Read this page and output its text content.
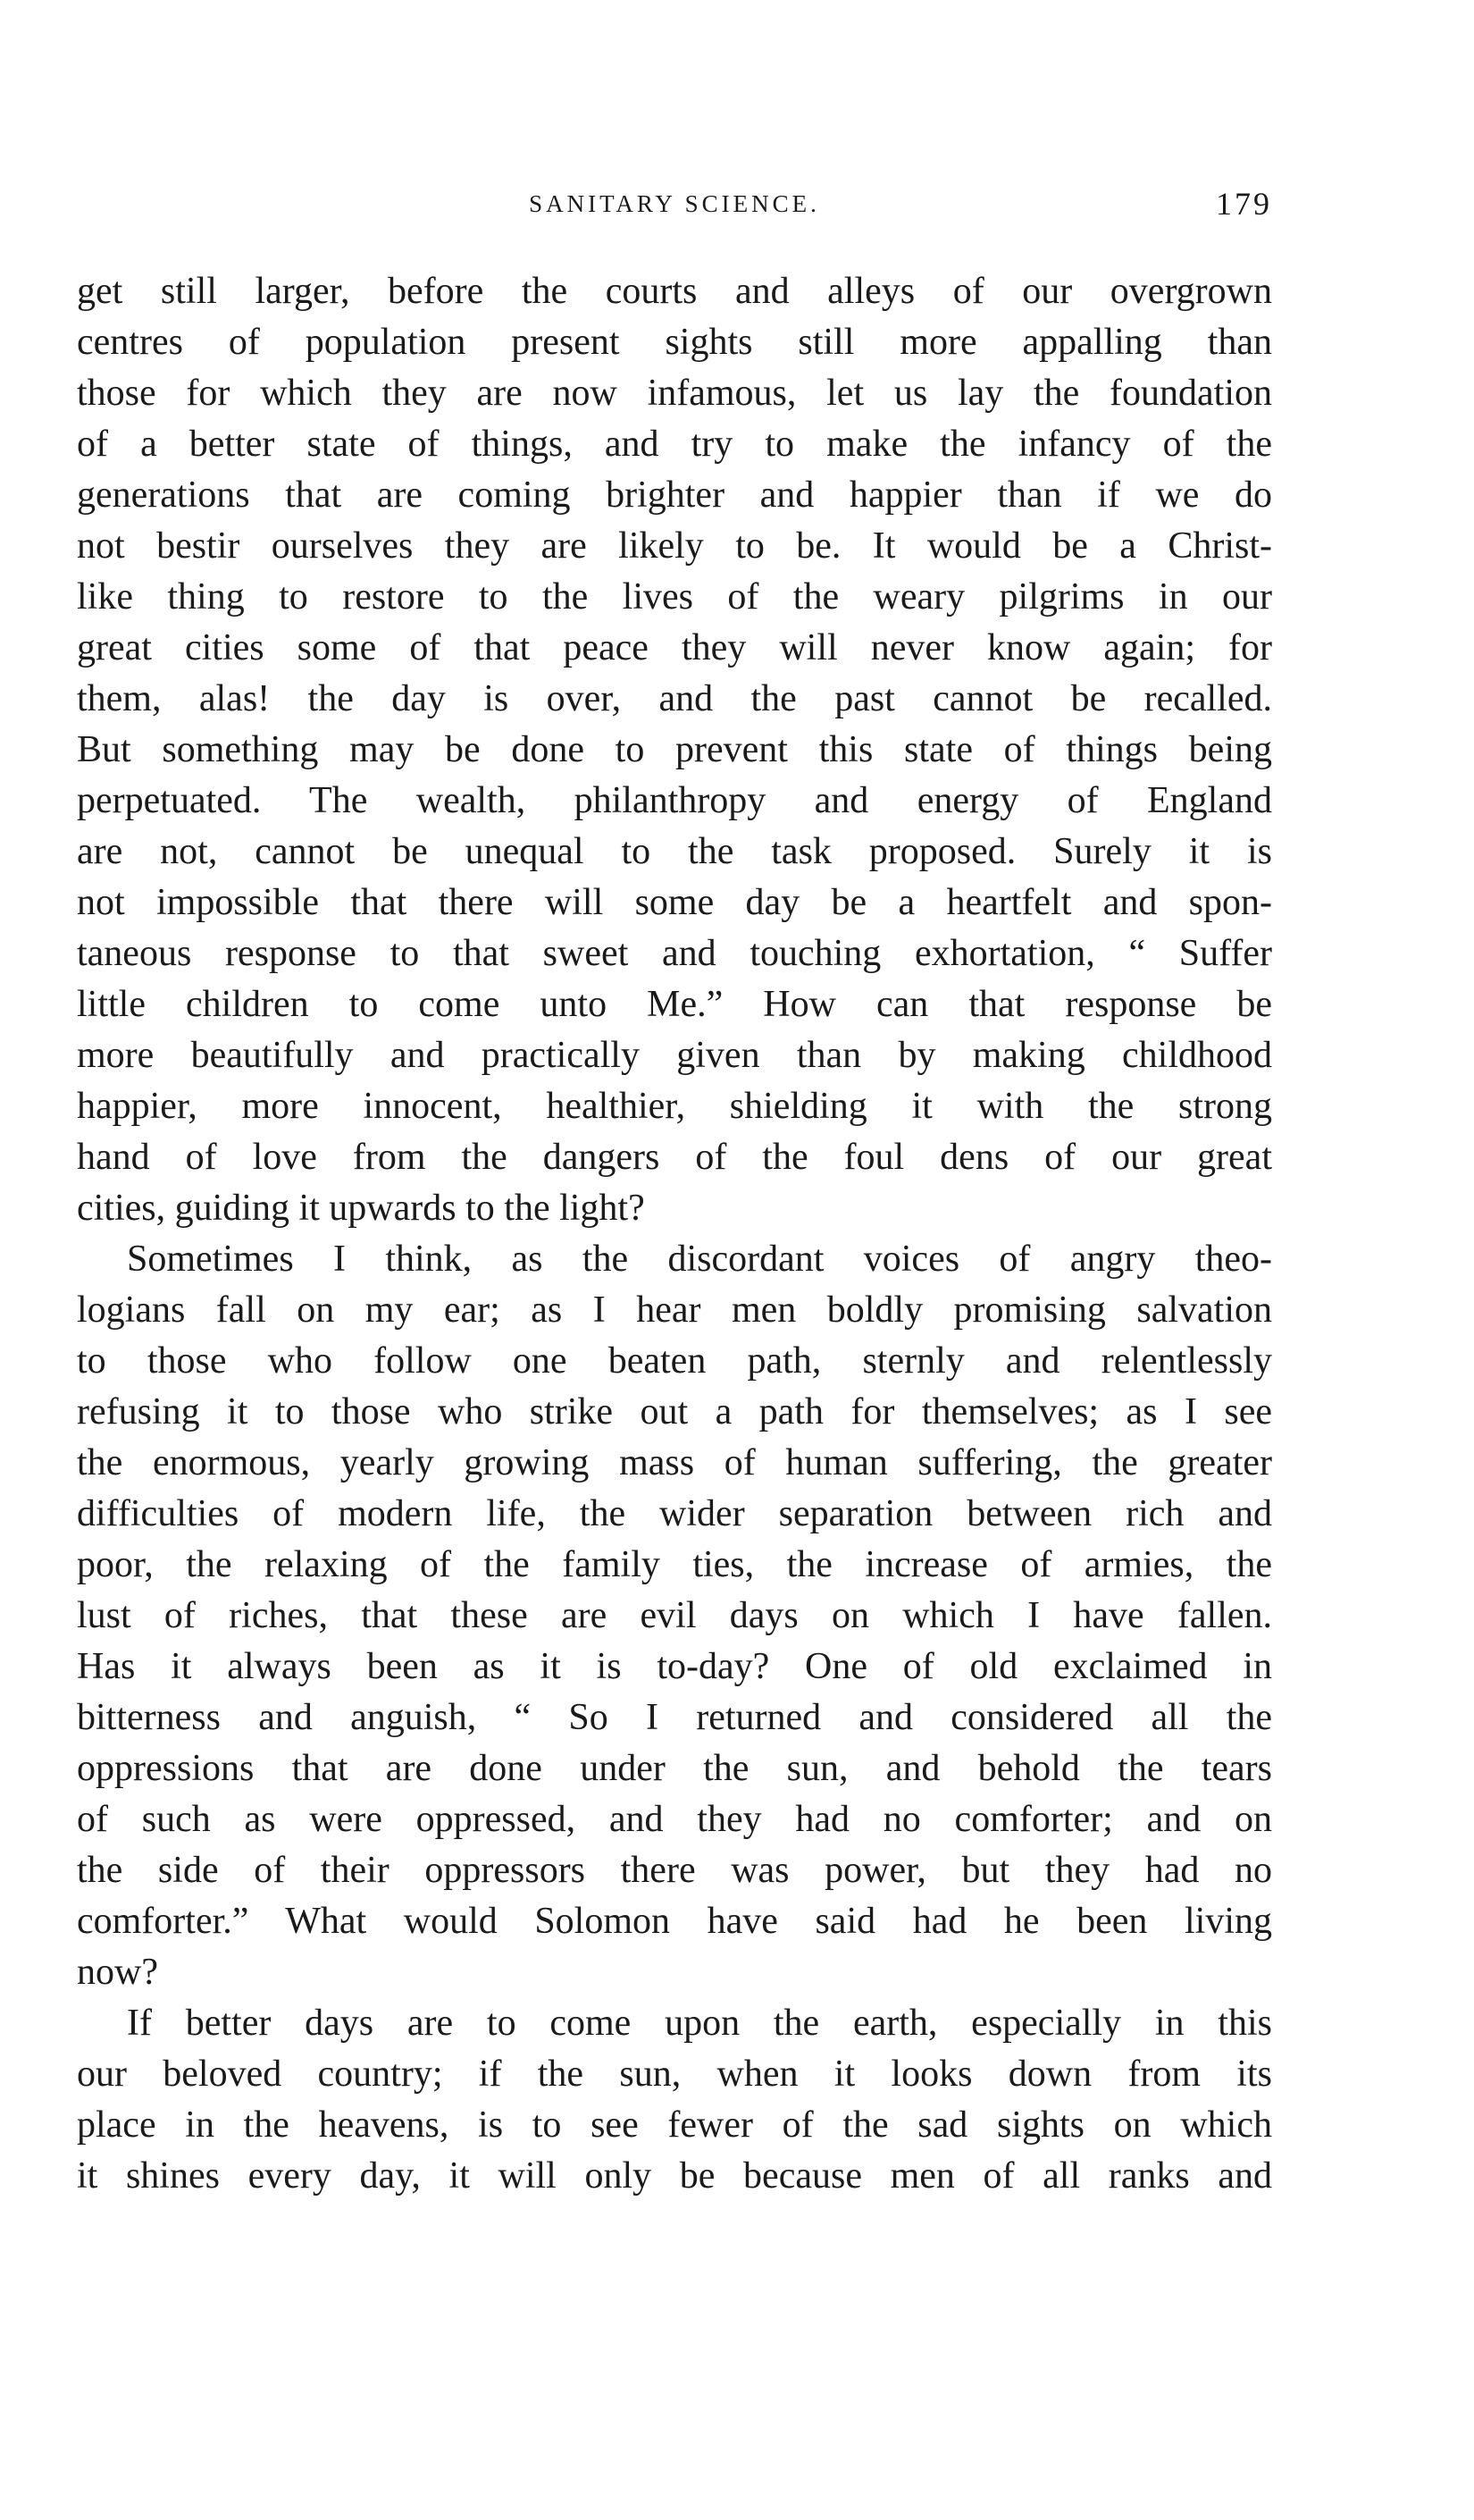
SANITARY SCIENCE.	179
get still larger, before the courts and alleys of our overgrown
centres of population present sights still more appalling than
those for which they are now infamous, let us lay the foundation
of a better state of things, and try to make the infancy of the
generations that are coming brighter and happier than if we do
not bestir ourselves they are likely to be. It would be a Christ-
like thing to restore to the lives of the weary pilgrims in our
great cities some of that peace they will never know again; for
them, alas! the day is over, and the past cannot be recalled.
But something may be done to prevent this state of things being
perpetuated. The wealth, philanthropy and energy of England
are not, cannot be unequal to the task proposed. Surely it is
not impossible that there will some day be a heartfelt and spon-
taneous response to that sweet and touching exhortation, “ Suffer
little children to come unto Me.” How can that response be
more beautifully and practically given than by making childhood
happier, more innocent, healthier, shielding it with the strong
hand of love from the dangers of the foul dens of our great
cities, guiding it upwards to the light?
Sometimes I think, as the discordant voices of angry theo-
logians fall on my ear; as I hear men boldly promising salvation
to those who follow one beaten path, sternly and relentlessly
refusing it to those who strike out a path for themselves; as I see
the enormous, yearly growing mass of human suffering, the greater
difficulties of modern life, the wider separation between rich and
poor, the relaxing of the family ties, the increase of armies, the
lust of riches, that these are evil days on which I have fallen.
Has it always been as it is to-day? One of old exclaimed in
bitterness and anguish, “ So I returned and considered all the
oppressions that are done under the sun, and behold the tears
of such as were oppressed, and they had no comforter; and on
the side of their oppressors there was power, but they had no
comforter.” What would Solomon have said had he been living
now?
If better days are to come upon the earth, especially in this
our beloved country; if the sun, when it looks down from its
place in the heavens, is to see fewer of the sad sights on which
it shines every day, it will only be because men of all ranks and
